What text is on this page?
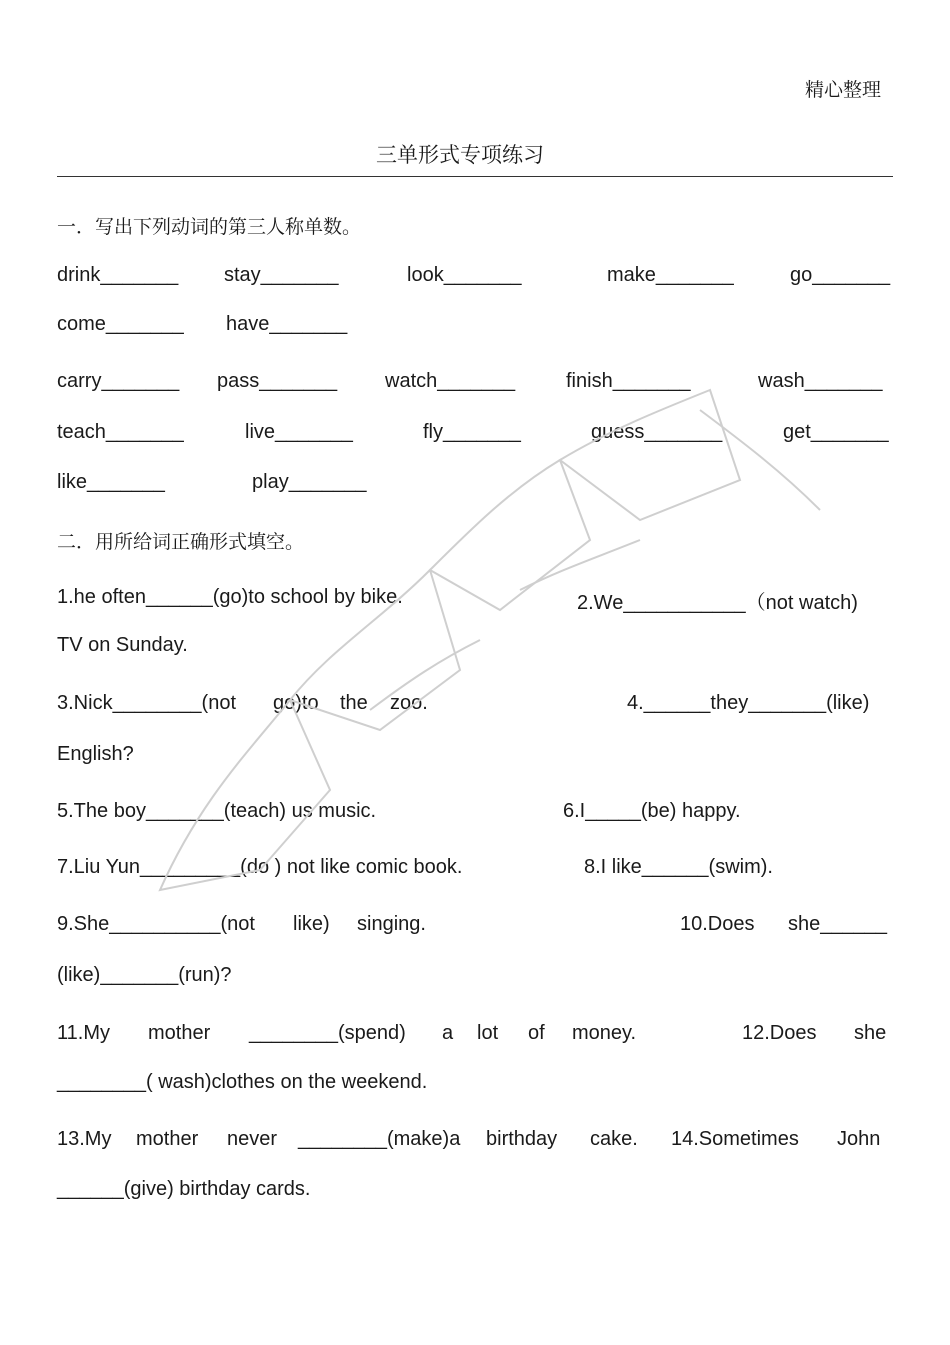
精心整理
三单形式专项练习
一．写出下列动词的第三人称单数。
drink_______ stay_______	look_______	make_______	go_______
come_______ have_______
carry_______ pass_______ watch_______	finish_______	wash_______
teach_______	live_______	fly_______	guess_______	get_______
like_______	play_______
二．用所给词正确形式填空。
1.he often______(go)to school by bike.	2.We___________（not watch)
TV on Sunday.
3.Nick________(not go)to the zoo.	4.______they_______(like)
English?
5.The boy_______(teach) us music.	6.I_____(be) happy.
7.Liu Yun_________(do ) not like comic book.	8.I like______(swim).
9.She__________(not like) singing.	10.Does she______
(like)_______(run)?
11.My mother ________(spend) a lot of money.	12.Does she
________( wash)clothes on the weekend.
13.My mother never ________(make)a birthday cake. 14.Sometimes John
______(give) birthday cards.
